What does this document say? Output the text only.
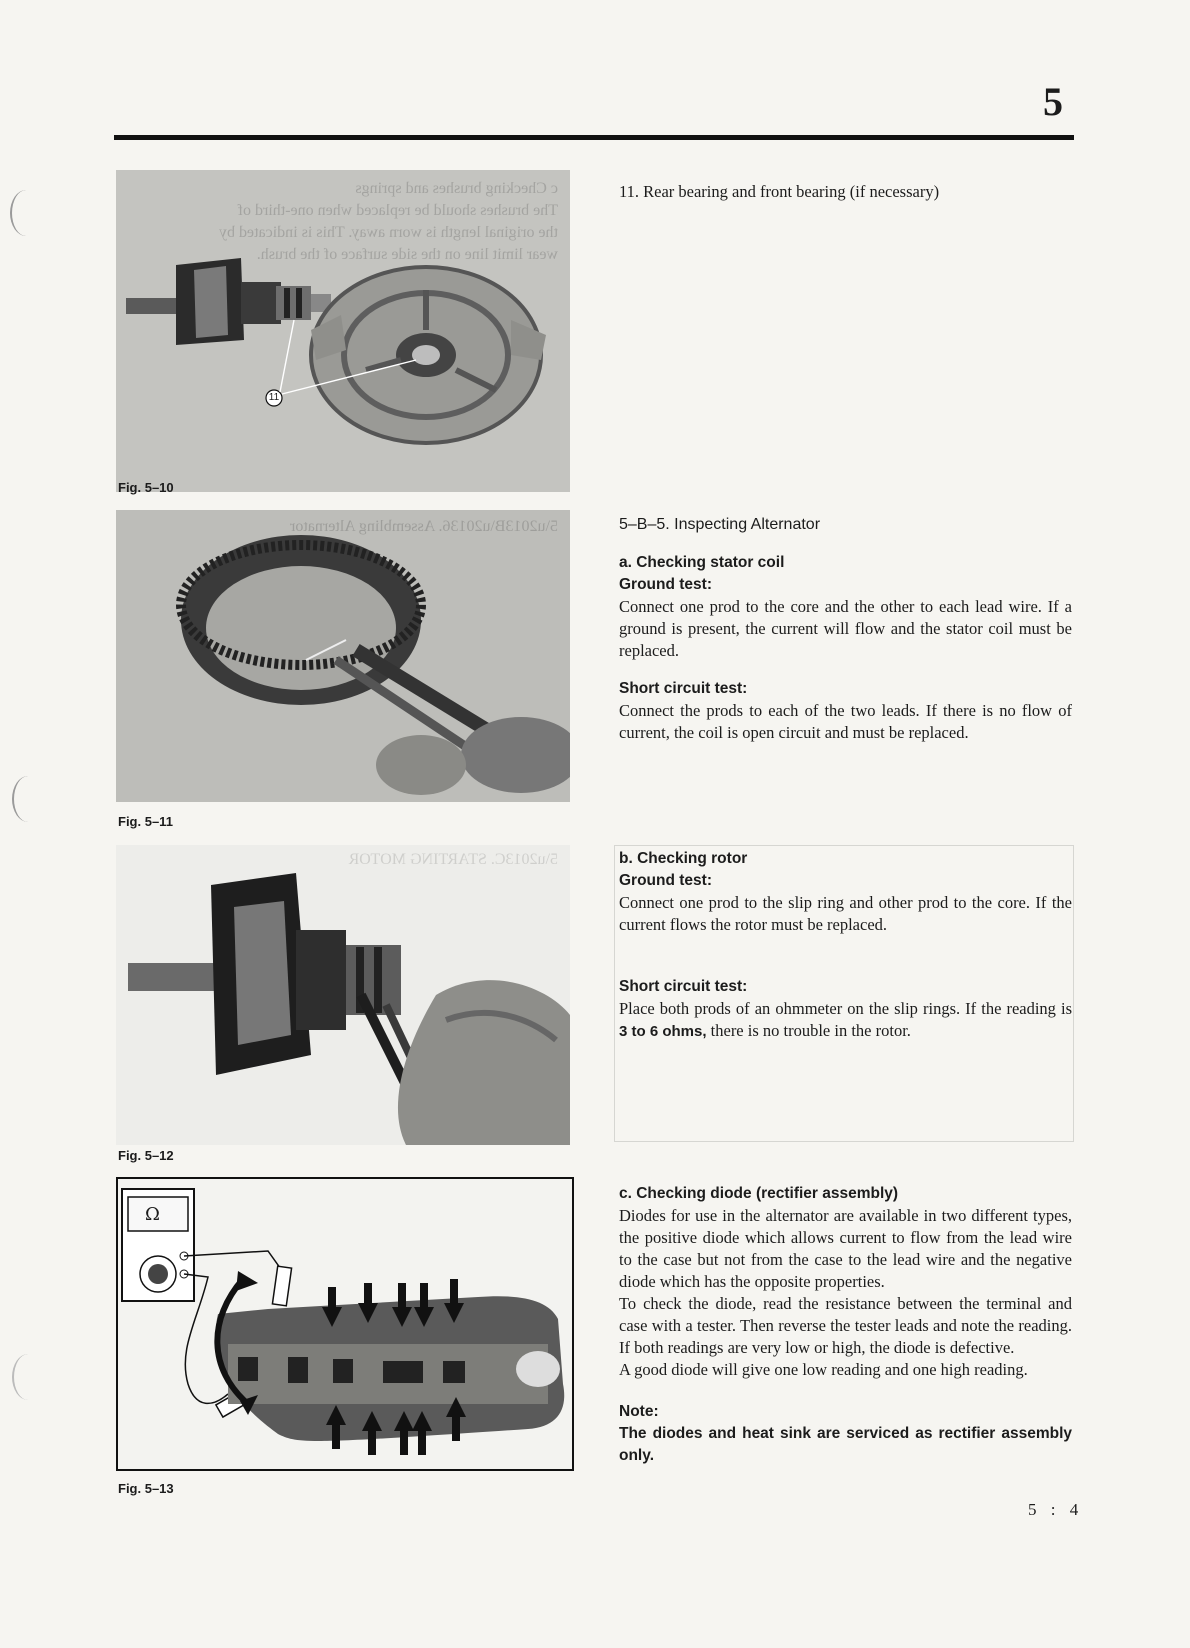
5
c Checking brushes and springs
The brushes should be replaced when one-third of
the original length is worn away. This is indicated by
wear limit line on the side surface of the brush.
11
Fig. 5–10
5\u2013B\u20136. Assembling Alternator
Fig. 5–11
5\u2013C. STARTING MOTOR
Fig. 5–12
Ω
Fig. 5–13
11. Rear bearing and front bearing (if necessary)
5–B–5. Inspecting Alternator
a. Checking stator coil
Ground test:

Connect one prod to the core and the other to each lead wire. If a ground is present, the current will flow and the stator coil must be replaced.

Short circuit test:

Connect the prods to each of the two leads. If there is no flow of current, the coil is open circuit and must be replaced.

b. Checking rotor
Ground test:

Connect one prod to the slip ring and other prod to the core. If the current flows the rotor must be replaced.

Short circuit test:

Place both prods of an ohmmeter on the slip rings. If the reading is 3 to 6 ohms, there is no trouble in the rotor.

c. Checking diode (rectifier assembly)

Diodes for use in the alternator are available in two different types, the positive diode which allows current to flow from the lead wire to the case but not from the case to the lead wire and the negative diode which has the opposite properties.

To check the diode, read the resistance between the terminal and case with a tester. Then reverse the tester leads and note the reading. If both readings are very low or high, the diode is defective.

A good diode will give one low reading and one high reading.

Note:
The diodes and heat sink are serviced as rectifier assembly only.
5 : 4
